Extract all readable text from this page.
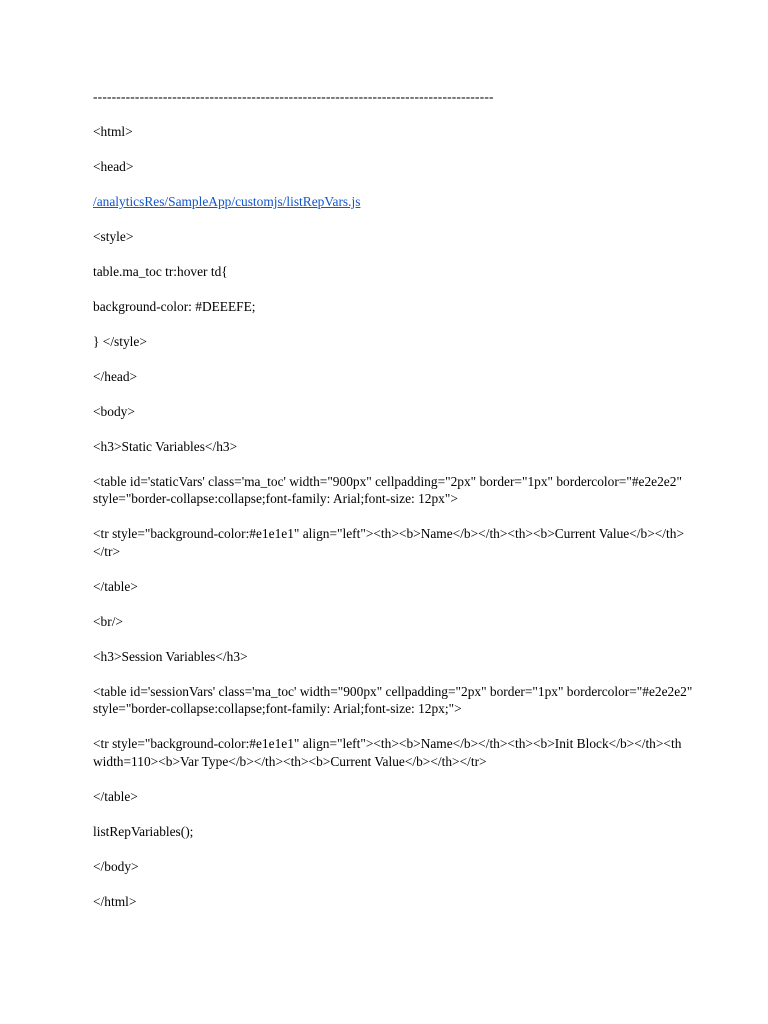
--------------------------------------------------------------------------------------
<html>
<head>
/analyticsRes/SampleApp/customjs/listRepVars.js
<style>
table.ma_toc tr:hover td{
background-color: #DEEEFE;
} </style>
</head>
<body>
<h3>Static Variables</h3>
<table id='staticVars' class='ma_toc' width="900px" cellpadding="2px" border="1px" bordercolor="#e2e2e2" style="border-collapse:collapse;font-family: Arial;font-size: 12px">
<tr style="background-color:#e1e1e1" align="left"><th><b>Name</b></th><th><b>Current Value</b></th></tr>
</table>
<br/>
<h3>Session Variables</h3>
<table id='sessionVars' class='ma_toc' width="900px" cellpadding="2px" border="1px" bordercolor="#e2e2e2" style="border-collapse:collapse;font-family: Arial;font-size: 12px;">
<tr style="background-color:#e1e1e1" align="left"><th><b>Name</b></th><th><b>Init Block</b></th><th width=110><b>Var Type</b></th><th><b>Current Value</b></th></tr>
</table>
listRepVariables();
</body>
</html>
